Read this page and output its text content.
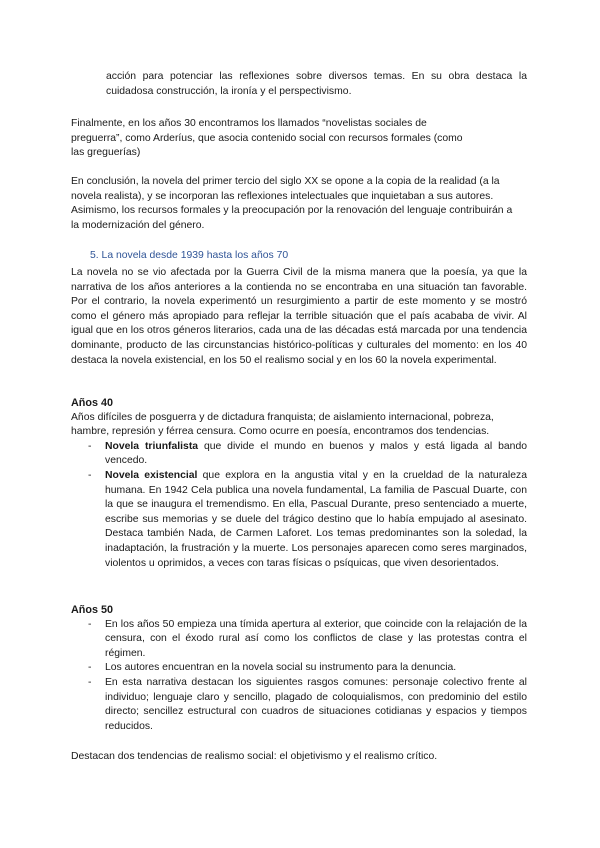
acción para potenciar las reflexiones sobre diversos temas. En su obra destaca la cuidadosa construcción, la ironía y el perspectivismo.

Finalmente, en los años 30 encontramos los llamados “novelistas sociales de preguerra”, como Arderíus, que asocia contenido social con recursos formales (como las greguerías)

En conclusión, la novela del primer tercio del siglo XX se opone a la copia de la realidad (a la novela realista), y se incorporan las reflexiones intelectuales que inquietaban a sus autores. Asimismo, los recursos formales y la preocupación por la renovación del lenguaje contribuirán a la modernización del género.

5. La novela desde 1939 hasta los años 70

La novela no se vio afectada por la Guerra Civil de la misma manera que la poesía, ya que la narrativa de los años anteriores a la contienda no se encontraba en una situación tan favorable. Por el contrario, la novela experimentó un resurgimiento a partir de este momento y se mostró como el género más apropiado para reflejar la terrible situación que el país acababa de vivir. Al igual que en los otros géneros literarios, cada una de las décadas está marcada por una tendencia dominante, producto de las circunstancias histórico-políticas y culturales del momento: en los 40 destaca la novela existencial, en los 50 el realismo social y en los 60 la novela experimental.

Años 40

Años difíciles de posguerra y de dictadura franquista; de aislamiento internacional, pobreza, hambre, represión y férrea censura. Como ocurre en poesía, encontramos dos tendencias.

- Novela triunfalista que divide el mundo en buenos y malos y está ligada al bando vencedo.
- Novela existencial que explora en la angustia vital y en la crueldad de la naturaleza humana. En 1942 Cela publica una novela fundamental, La familia de Pascual Duarte, con la que se inaugura el tremendismo. En ella, Pascual Durante, preso sentenciado a muerte, escribe sus memorias y se duele del trágico destino que lo había empujado al asesinato. Destaca también Nada, de Carmen Laforet. Los temas predominantes son la soledad, la inadaptación, la frustración y la muerte. Los personajes aparecen como seres marginados, violentos u oprimidos, a veces con taras físicas o psíquicas, que viven desorientados.

Años 50

- En los años 50 empieza una tímida apertura al exterior, que coincide con la relajación de la censura, con el éxodo rural así como los conflictos de clase y las protestas contra el régimen.
- Los autores encuentran en la novela social su instrumento para la denuncia.
- En esta narrativa destacan los siguientes rasgos comunes: personaje colectivo frente al individuo; lenguaje claro y sencillo, plagado de coloquialismos, con predominio del estilo directo; sencillez estructural con cuadros de situaciones cotidianas y espacios y tiempos reducidos.

Destacan dos tendencias de realismo social: el objetivismo y el realismo crítico.
